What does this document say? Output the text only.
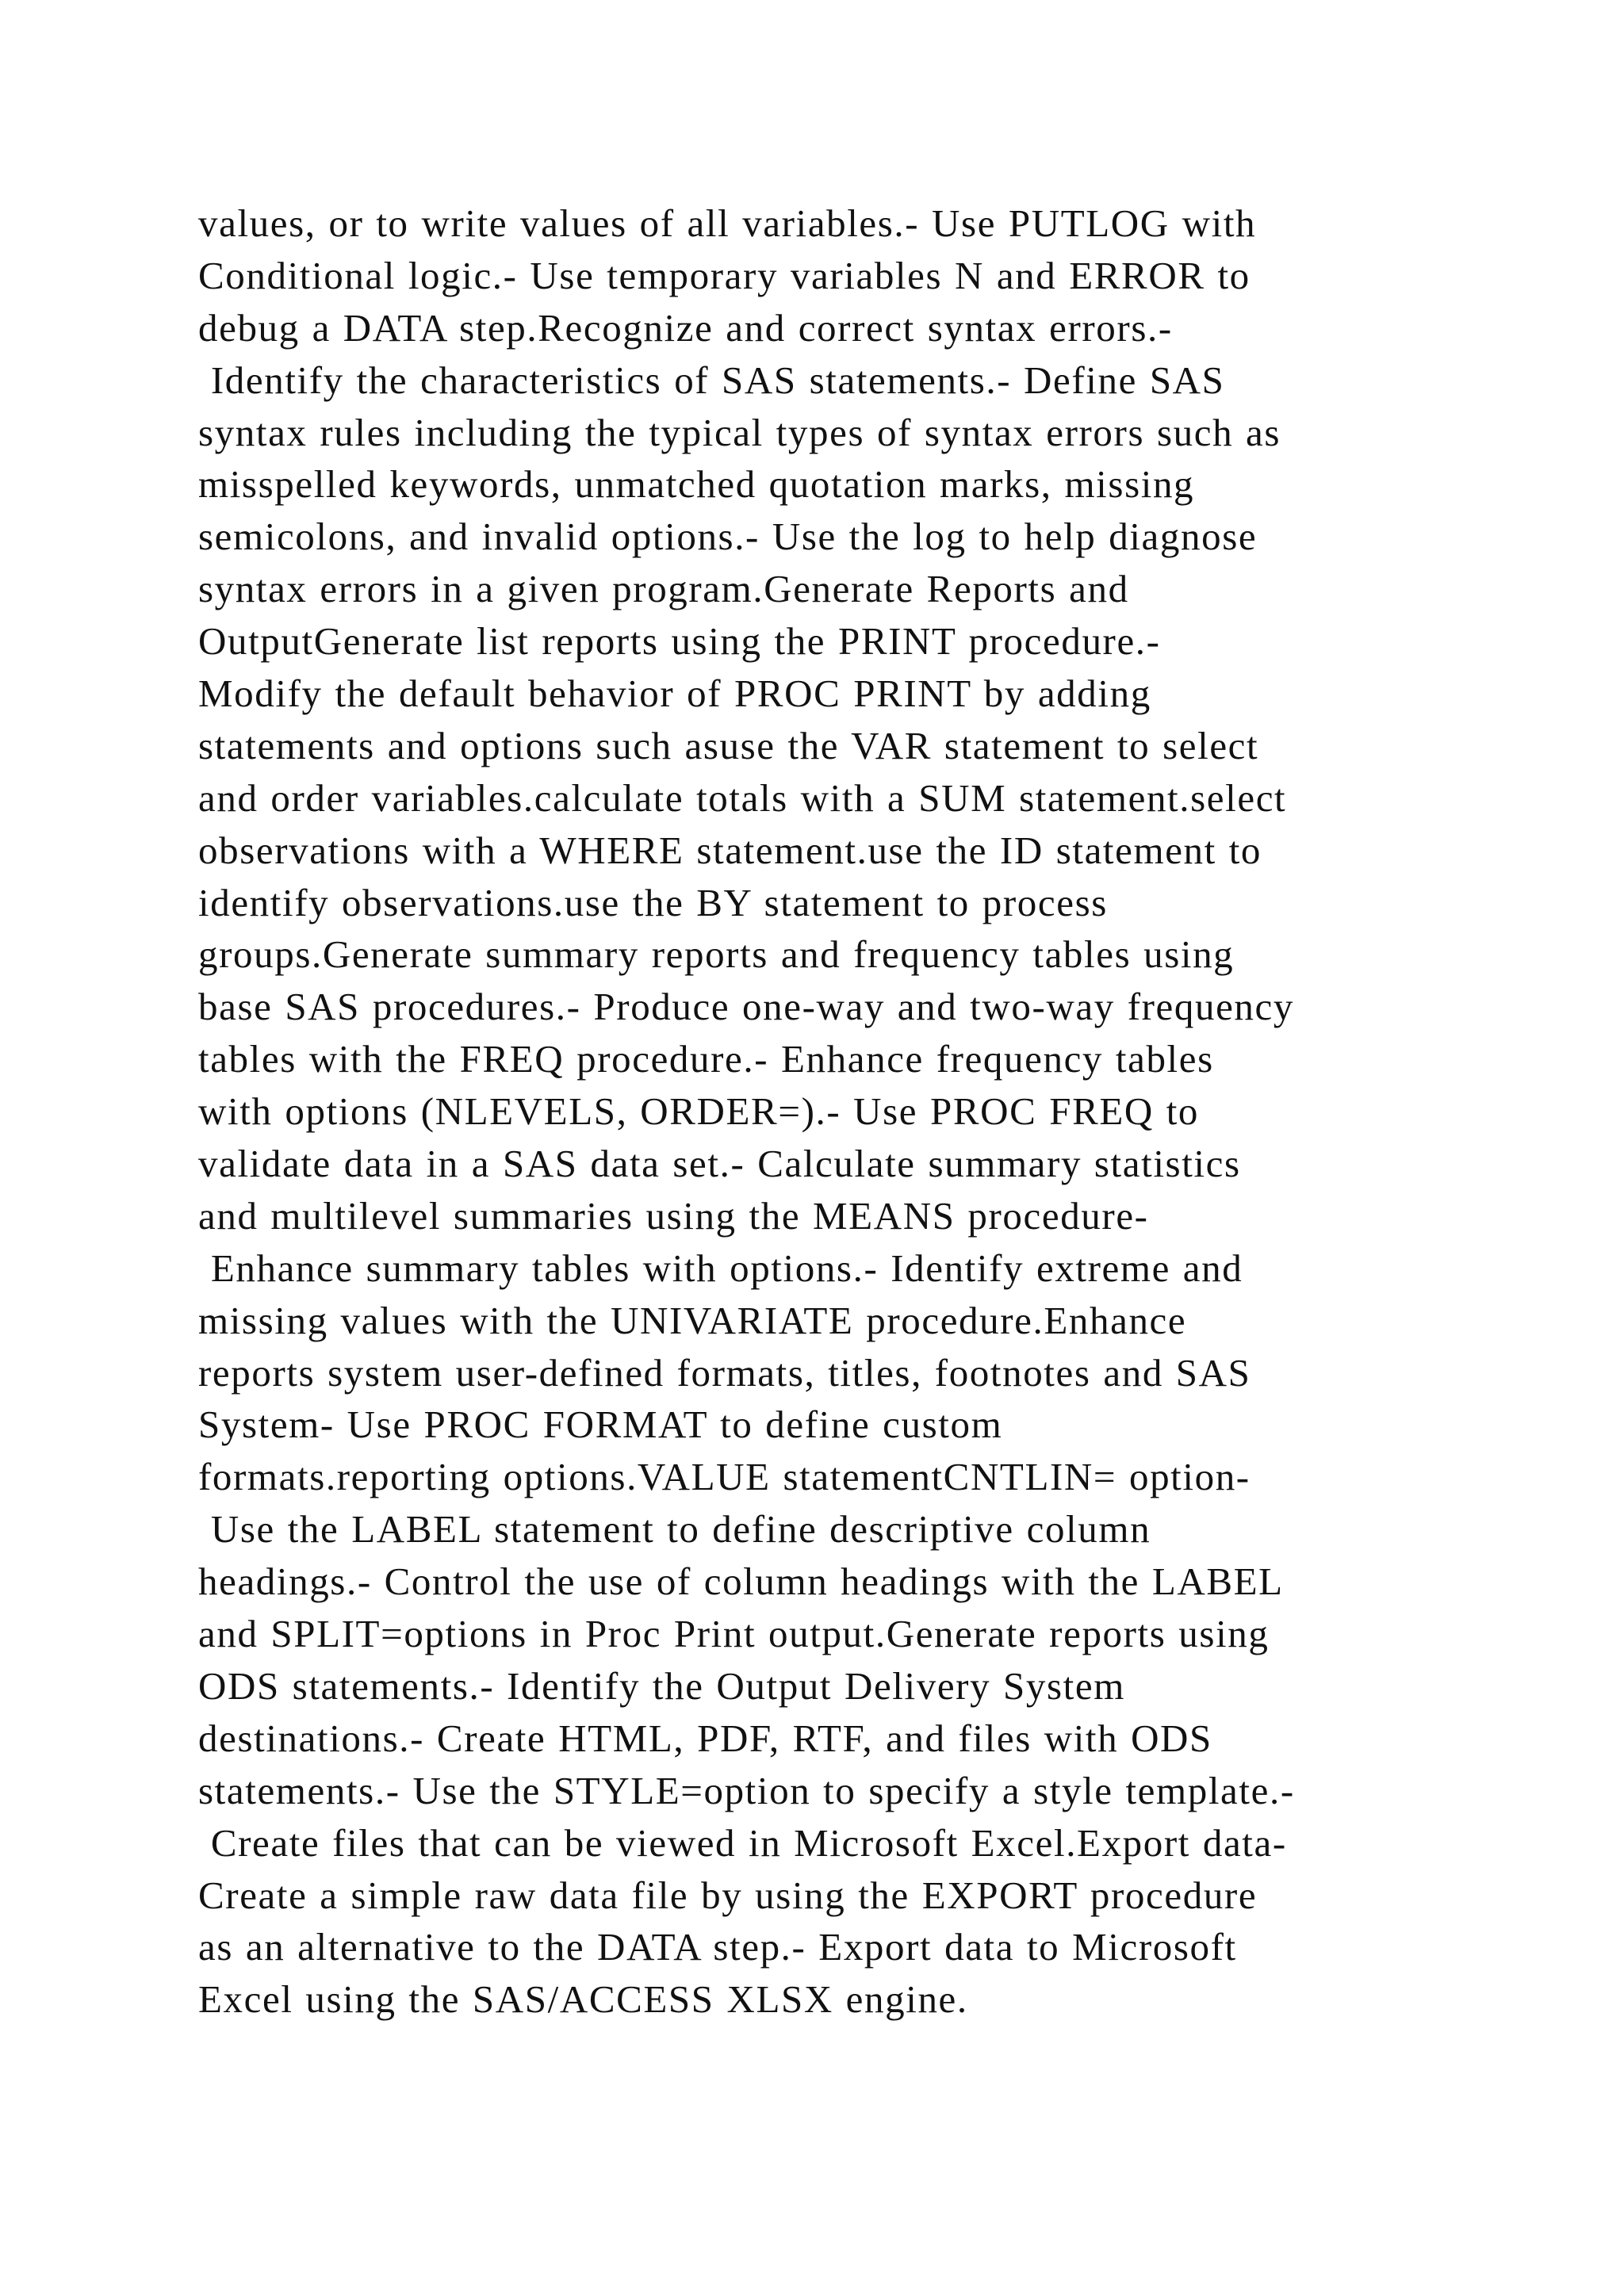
values, or to write values of all variables.- Use PUTLOG with
Conditional logic.- Use temporary variables N and ERROR to
debug a DATA step.Recognize and correct syntax errors.-
Identify the characteristics of SAS statements.- Define SAS
syntax rules including the typical types of syntax errors such as
misspelled keywords, unmatched quotation marks, missing
semicolons, and invalid options.- Use the log to help diagnose
syntax errors in a given program.Generate Reports and
OutputGenerate list reports using the PRINT procedure.-
Modify the default behavior of PROC PRINT by adding
statements and options such asuse the VAR statement to select
and order variables.calculate totals with a SUM statement.select
observations with a WHERE statement.use the ID statement to
identify observations.use the BY statement to process
groups.Generate summary reports and frequency tables using
base SAS procedures.- Produce one-way and two-way frequency
tables with the FREQ procedure.- Enhance frequency tables
with options (NLEVELS, ORDER=).- Use PROC FREQ to
validate data in a SAS data set.- Calculate summary statistics
and multilevel summaries using the MEANS procedure-
Enhance summary tables with options.- Identify extreme and
missing values with the UNIVARIATE procedure.Enhance
reports system user-defined formats, titles, footnotes and SAS
System- Use PROC FORMAT to define custom
formats.reporting options.VALUE statementCNTLIN= option-
Use the LABEL statement to define descriptive column
headings.- Control the use of column headings with the LABEL
and SPLIT=options in Proc Print output.Generate reports using
ODS statements.- Identify the Output Delivery System
destinations.- Create HTML, PDF, RTF, and files with ODS
statements.- Use the STYLE=option to specify a style template.-
Create files that can be viewed in Microsoft Excel.Export data-
Create a simple raw data file by using the EXPORT procedure
as an alternative to the DATA step.- Export data to Microsoft
Excel using the SAS/ACCESS XLSX engine.
